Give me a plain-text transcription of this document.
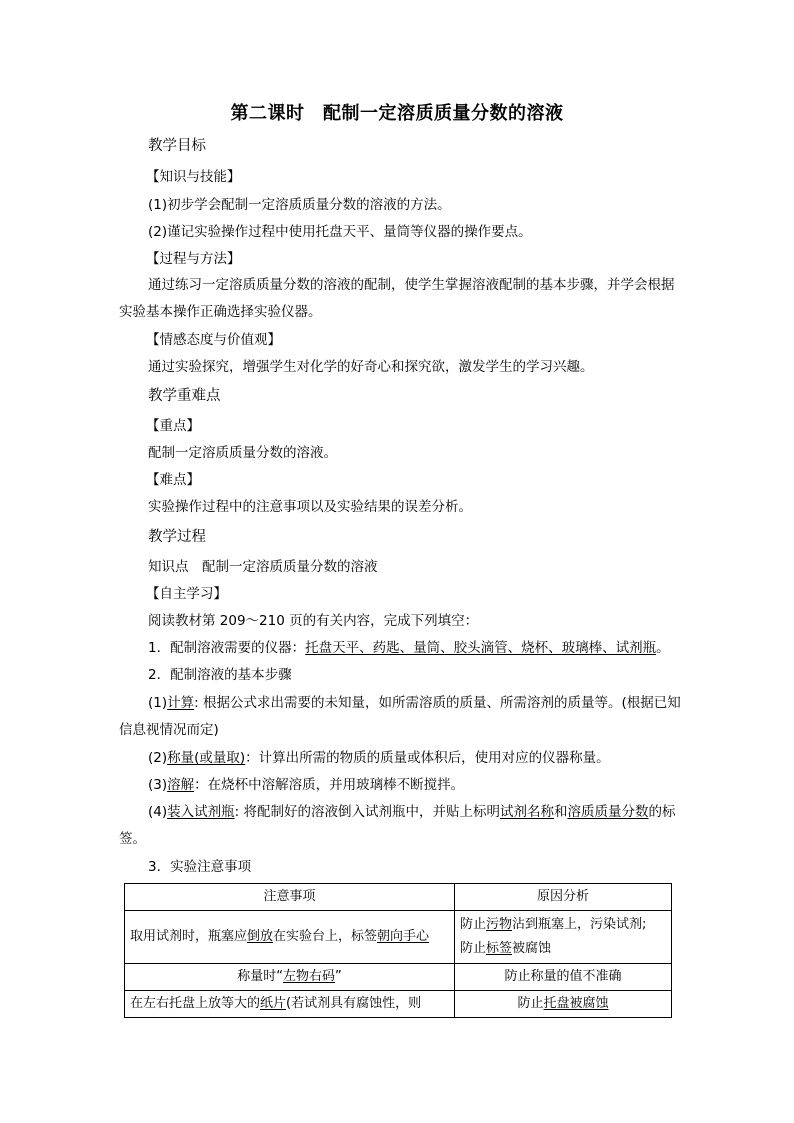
第二课时　配制一定溶质质量分数的溶液
教学目标
【知识与技能】
(1)初步学会配制一定溶质质量分数的溶液的方法。
(2)谨记实验操作过程中使用托盘天平、量筒等仪器的操作要点。
【过程与方法】
通过练习一定溶质质量分数的溶液的配制，使学生掌握溶液配制的基本步骤，并学会根据实验基本操作正确选择实验仪器。
【情感态度与价值观】
通过实验探究，增强学生对化学的好奇心和探究欲，激发学生的学习兴趣。
教学重难点
【重点】
配制一定溶质质量分数的溶液。
【难点】
实验操作过程中的注意事项以及实验结果的误差分析。
教学过程
知识点　配制一定溶质质量分数的溶液
【自主学习】
阅读教材第 209～210 页的有关内容，完成下列填空：
1．配制溶液需要的仪器：托盘天平、药匙、量筒、胶头滴管、烧杯、玻璃棒、试剂瓶。
2．配制溶液的基本步骤
(1)计算: 根据公式求出需要的未知量，如所需溶质的质量、所需溶剂的质量等。(根据已知信息视情况而定)
(2)称量(或量取)：计算出所需的物质的质量或体积后，使用对应的仪器称量。
(3)溶解：在烧杯中溶解溶质，并用玻璃棒不断搅拌。
(4)装入试剂瓶: 将配制好的溶液倒入试剂瓶中，并贴上标明试剂名称和溶质质量分数的标签。
3．实验注意事项
注意事项	原因分析
取用试剂时，瓶塞应倒放在实验台上，标签朝向手心	防止污物沾到瓶塞上，污染试剂;
防止标签被腐蚀

称量时“左物右码”	防止称量的值不准确
在左右托盘上放等大的纸片(若试剂具有腐蚀性，则	防止托盘被腐蚀
